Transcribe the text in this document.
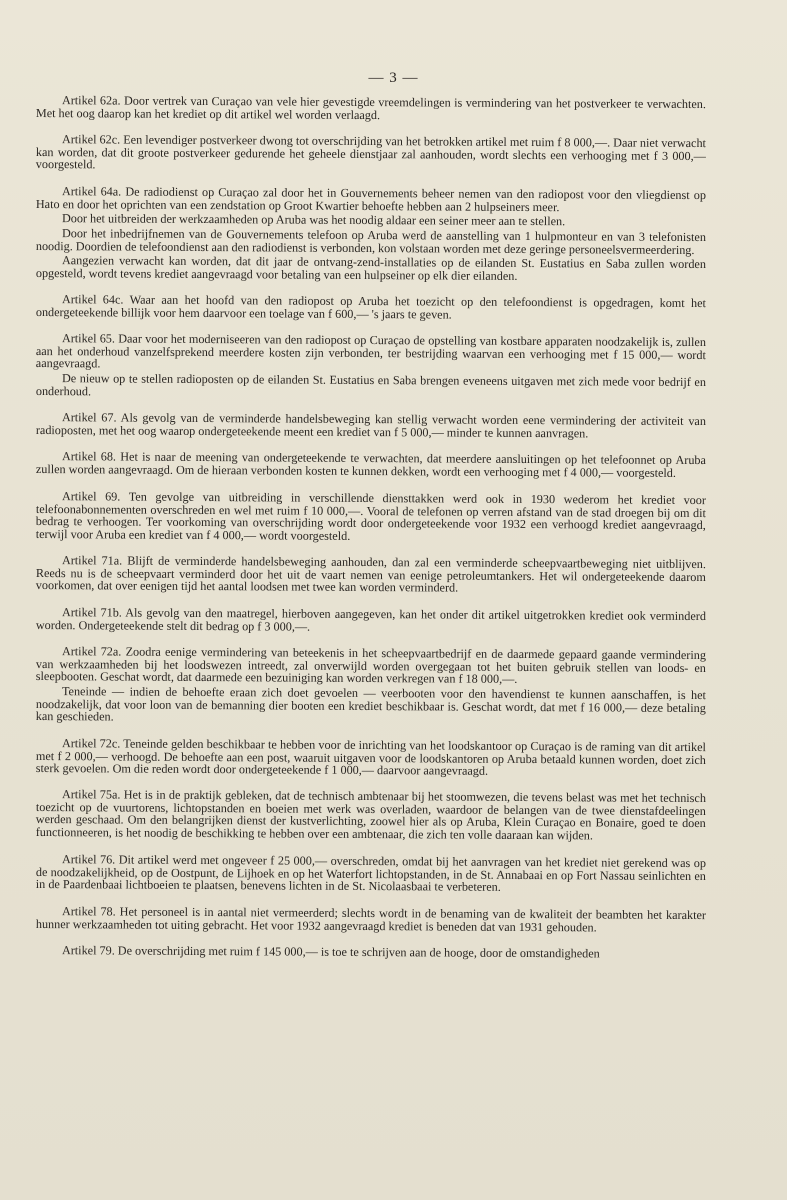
— 3 —

Artikel 62a. Door vertrek van Curaçao van vele hier gevestigde vreemdelingen is vermindering van het postverkeer te verwachten. Met het oog daarop kan het krediet op dit artikel wel worden verlaagd.

Artikel 62c. Een levendiger postverkeer dwong tot overschrijding van het betrokken artikel met ruim f 8 000,—. Daar niet verwacht kan worden, dat dit groote postverkeer gedurende het geheele dienstjaar zal aanhouden, wordt slechts een verhooging met f 3 000,— voorgesteld.

Artikel 64a. De radiodienst op Curaçao zal door het in Gouvernements beheer nemen van den radiopost voor den vliegdienst op Hato en door het oprichten van een zendstation op Groot Kwartier behoefte hebben aan 2 hulpseiners meer.

Door het uitbreiden der werkzaamheden op Aruba was het noodig aldaar een seiner meer aan te stellen.

Door het inbedrijfnemen van de Gouvernements telefoon op Aruba werd de aanstelling van 1 hulpmonteur en van 3 telefonisten noodig. Doordien de telefoondienst aan den radiodienst is verbonden, kon volstaan worden met deze geringe personeelsvermeerdering.

Aangezien verwacht kan worden, dat dit jaar de ontvang-zend-installaties op de eilanden St. Eustatius en Saba zullen worden opgesteld, wordt tevens krediet aangevraagd voor betaling van een hulpseiner op elk dier eilanden.

Artikel 64c. Waar aan het hoofd van den radiopost op Aruba het toezicht op den telefoondienst is opgedragen, komt het ondergeteekende billijk voor hem daarvoor een toelage van f 600,— 's jaars te geven.

Artikel 65. Daar voor het moderniseeren van den radiopost op Curaçao de opstelling van kostbare apparaten noodzakelijk is, zullen aan het onderhoud vanzelfsprekend meerdere kosten zijn verbonden, ter bestrijding waarvan een verhooging met f 15 000,— wordt aangevraagd.

De nieuw op te stellen radioposten op de eilanden St. Eustatius en Saba brengen eveneens uitgaven met zich mede voor bedrijf en onderhoud.

Artikel 67. Als gevolg van de verminderde handelsbeweging kan stellig verwacht worden eene vermindering der activiteit van radioposten, met het oog waarop ondergeteekende meent een krediet van f 5 000,— minder te kunnen aanvragen.

Artikel 68. Het is naar de meening van ondergeteekende te verwachten, dat meerdere aansluitingen op het telefoonnet op Aruba zullen worden aangevraagd. Om de hieraan verbonden kosten te kunnen dekken, wordt een verhooging met f 4 000,— voorgesteld.

Artikel 69. Ten gevolge van uitbreiding in verschillende diensttakken werd ook in 1930 wederom het krediet voor telefoonabonnementen overschreden en wel met ruim f 10 000,—. Vooral de telefonen op verren afstand van de stad droegen bij om dit bedrag te verhoogen. Ter voorkoming van overschrijding wordt door ondergeteekende voor 1932 een verhoogd krediet aangevraagd, terwijl voor Aruba een krediet van f 4 000,— wordt voorgesteld.

Artikel 71a. Blijft de verminderde handelsbeweging aanhouden, dan zal een verminderde scheepvaartbeweging niet uitblijven. Reeds nu is de scheepvaart verminderd door het uit de vaart nemen van eenige petroleumtankers. Het wil ondergeteekende daarom voorkomen, dat over eenigen tijd het aantal loodsen met twee kan worden verminderd.

Artikel 71b. Als gevolg van den maatregel, hierboven aangegeven, kan het onder dit artikel uitgetrokken krediet ook verminderd worden. Ondergeteekende stelt dit bedrag op f 3 000,—.

Artikel 72a. Zoodra eenige vermindering van beteekenis in het scheepvaartbedrijf en de daarmede gepaard gaande vermindering van werkzaamheden bij het loodswezen intreedt, zal onverwijld worden overgegaan tot het buiten gebruik stellen van loods- en sleepbooten. Geschat wordt, dat daarmede een bezuiniging kan worden verkregen van f 18 000,—.

Teneinde — indien de behoefte eraan zich doet gevoelen — veerbooten voor den havendienst te kunnen aanschaffen, is het noodzakelijk, dat voor loon van de bemanning dier booten een krediet beschikbaar is. Geschat wordt, dat met f 16 000,— deze betaling kan geschieden.

Artikel 72c. Teneinde gelden beschikbaar te hebben voor de inrichting van het loodskantoor op Curaçao is de raming van dit artikel met f 2 000,— verhoogd. De behoefte aan een post, waaruit uitgaven voor de loodskantoren op Aruba betaald kunnen worden, doet zich sterk gevoelen. Om die reden wordt door ondergeteekende f 1 000,— daarvoor aangevraagd.

Artikel 75a. Het is in de praktijk gebleken, dat de technisch ambtenaar bij het stoomwezen, die tevens belast was met het technisch toezicht op de vuurtorens, lichtopstanden en boeien met werk was overladen, waardoor de belangen van de twee dienstafdeelingen werden geschaad. Om den belangrijken dienst der kustverlichting, zoowel hier als op Aruba, Klein Curaçao en Bonaire, goed te doen functionneeren, is het noodig de beschikking te hebben over een ambtenaar, die zich ten volle daaraan kan wijden.

Artikel 76. Dit artikel werd met ongeveer f 25 000,— overschreden, omdat bij het aanvragen van het krediet niet gerekend was op de noodzakelijkheid, op de Oostpunt, de Lijhoek en op het Waterfort lichtopstanden, in de St. Annabaai en op Fort Nassau seinlichten en in de Paardenbaai lichtboeien te plaatsen, benevens lichten in de St. Nicolaasbaai te verbeteren.

Artikel 78. Het personeel is in aantal niet vermeerderd; slechts wordt in de benaming van de kwaliteit der beambten het karakter hunner werkzaamheden tot uiting gebracht. Het voor 1932 aangevraagd krediet is beneden dat van 1931 gehouden.

Artikel 79. De overschrijding met ruim f 145 000,— is toe te schrijven aan de hooge, door de omstandigheden
